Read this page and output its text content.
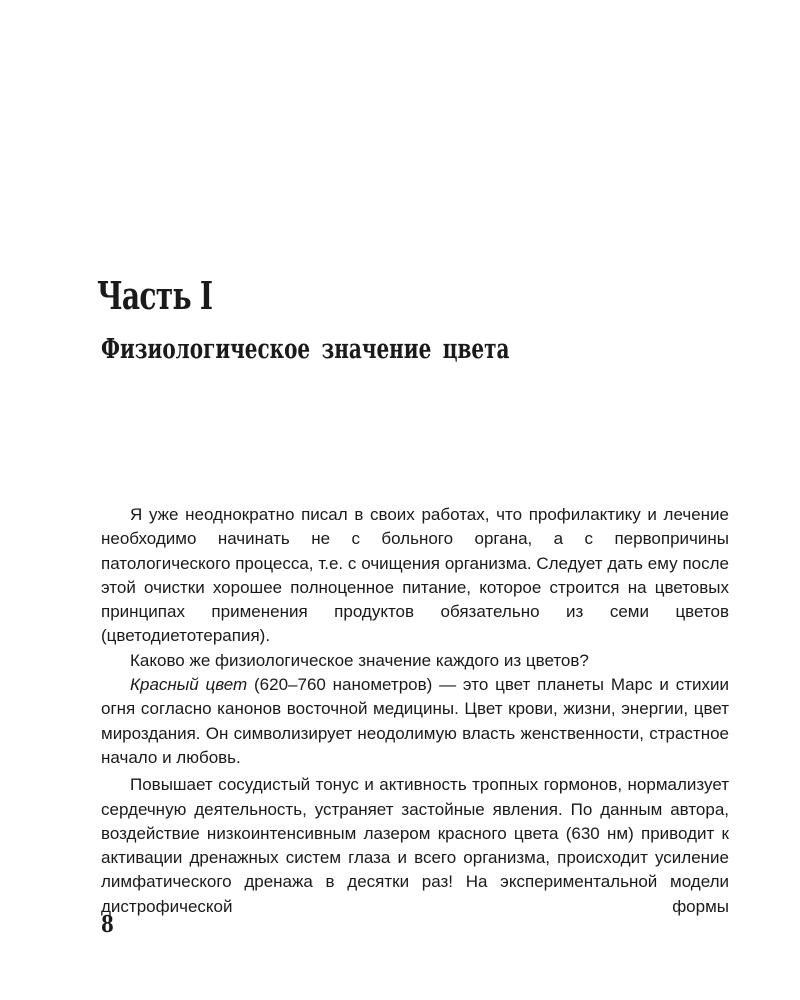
Часть I
Физиологическое значение цвета

Я уже неоднократно писал в своих работах, что профилактику и лечение необходимо начинать не с больного органа, а с первопричины патологического процесса, т.е. с очищения организма. Следует дать ему после этой очистки хорошее полноценное питание, которое строится на цветовых принципах применения продуктов обязательно из семи цветов (цветодиетотерапия).

Каково же физиологическое значение каждого из цветов?

Красный цвет (620–760 нанометров) — это цвет планеты Марс и стихии огня согласно канонов восточной медицины. Цвет крови, жизни, энергии, цвет мироздания. Он символизирует неодолимую власть женственности, страстное начало и любовь.

Повышает сосудистый тонус и активность тропных гормонов, нормализует сердечную деятельность, устраняет застойные явления. По данным автора, воздействие низкоинтенсивным лазером красного цвета (630 нм) приводит к активации дренажных систем глаза и всего организма, происходит усиление лимфатического дренажа в десятки раз! На экспериментальной модели дистрофической формы

8
